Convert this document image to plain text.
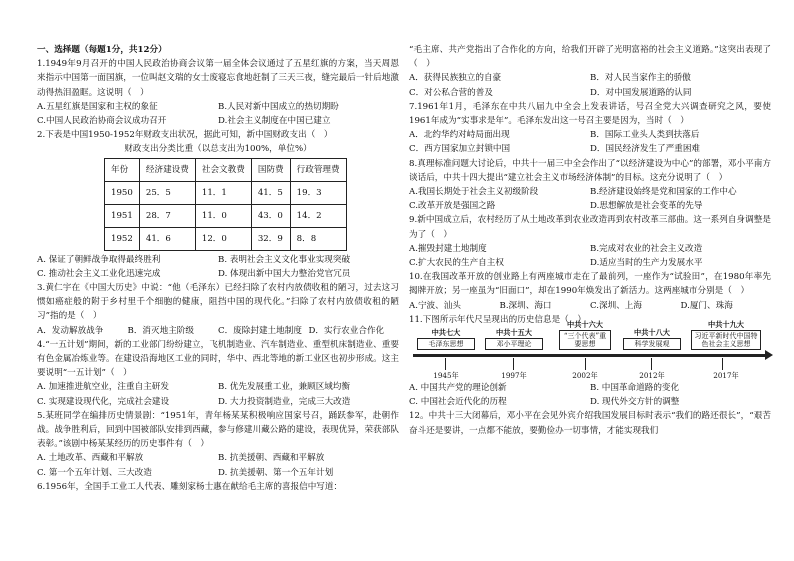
一、选择题（每题1分，共12分）

1.1949年9月召开的中国人民政治协商会议第一届全体会议通过了五星红旗的方案，当天周恩来指示中国第一面国旗，一位叫赵文瑞的女士废寝忘食地赶制了三天三夜，缝完最后一针后地激动得热泪盈眶。这说明（　）

A.五星红旗是国家和主权的象征	B.人民对新中国成立的热切期盼
C.中国人民政治协商会议成功召开	D.社会主义制度在中国已建立

2.下表是中国1950-1952年财政支出状况，据此可知，新中国财政支出（　）

财政支出分类比重（以总支出为100%，单位%）
年份	经济建设费	社会文教费	国防费	行政管理费
1950	25．5	11．1	41．5	19．3
1951	28．7	11．0	43．0	14．2
1952	41．6	12．0	32．9	8．8
A. 保证了朝鲜战争取得最终胜利	B. 表明社会主义文化事业实现突破
C. 推动社会主义工业化迅速完成	D. 体现出新中国大力整治党官冗员

3.黄仁宇在《中国大历史》中说：“他（毛泽东）已经扫除了农村内放债收租的陋习，过去这习惯如癌症般的附于乡村里千个细胞的健康，阻挡中国的现代化。”扫除了农村内放债收租的陋习”指的是（　）

A．发动解放战争	B．消灭地主阶级	C．废除封建土地制度 D．实行农业合作化

4.“一五计划”期间，新的工业部门纷纷建立，飞机制造业、汽车制造业、重型机床制造业、重要有色金属冶炼业等。在建设沿海地区工业的同时，华中、西北等地的新工业区也初步形成。这主要说明“一五计划”（　）

A. 加速推进航空业，注重自主研发	B. 优先发展重工业，兼顾区域均衡
C. 实现建设现代化，完成社会建设	D. 大力投资制造业，完成三大改造

5.某班同学在编排历史情景剧：“1951年，青年杨某某积极响应国家号召，踊跃参军，赴朝作战。战争胜利后，回到中国被部队安排到西藏，参与修建川藏公路的建设，表现优异，荣获部队表彰。”该剧中杨某某经历的历史事件有（　）

A. 土地改革、西藏和平解放	B. 抗美援朝、西藏和平解放
C. 第一个五年计划、三大改造	D. 抗美援朝、第一个五年计划

6.1956年，全国手工业工人代表、雕刻家杨士惠在献给毛主席的喜报信中写道：

“毛主席、共产党指出了合作化的方向，给我们开辟了光明富裕的社会主义道路。”这突出表现了（　）

A．获得民族独立的自豪	B．对人民当家作主的骄傲
C．对公私合营的普及	D．对中国发展道路的认同

7.1961年1月，毛泽东在中共八届九中全会上发表讲话，号召全党大兴调查研究之风，要使1961年成为“实事求是年”。毛泽东发出这一号召主要是因为，当时（　）

A．北约华约对峙局面出现	B．国际工业头人类到扶落后
C．西方国家加立封锁中国	D．国民经济发生了严重困难

8.真理标准问题大讨论后，中共十一届三中全会作出了“以经济建设为中心”的部署，邓小平南方谈话后，中共十四大提出“建立社会主义市场经济体制”的目标。这充分说明了（　）

A.我国长期处于社会主义初级阶段	B.经济建设始终是党和国家的工作中心
C.改革开放是强国之路	D.思想解放是社会变革的先导

9.新中国成立后，农村经历了从土地改革到农业改造再到农村改革三部曲。这一系列自身调整是为了（　）

A.摧毁封建土地制度	B.完成对农业的社会主义改造
C.扩大农民的生产自主权	D.适应当时的生产力发展水平

10.在我国改革开放的创业路上有两座城市走在了最前列，一座作为“试验田”，在1980年率先揭牌开放；另一座虽为“旧面口”，却在1990年焕发出了新活力。这两座城市分别是（　）

A.宁波、汕头	B.深圳、海口	C.深圳、上海	D.厦门、珠海

11.下图所示年代尺呈现出的历史信息是（　）

中共七大
毛泽东思想
1945年
中共十五大
邓小平理论
1997年
中共十六大
“三个代表”重要思想
2002年
中共十八大
科学发展观
2012年
中共十九大
习近平新时代中国特色社会主义思想
2017年
A. 中国共产党的理论创新	B. 中国革命道路的变化
C. 中国社会近代化的历程	D. 现代外交方针的调整

12。中共十三大闭幕后，邓小平在会见外宾介绍我国发展目标时表示“我们的路还很长”，“艰苦奋斗还是要讲，一点都不能放，要勤俭办一切事情，才能实现我们
